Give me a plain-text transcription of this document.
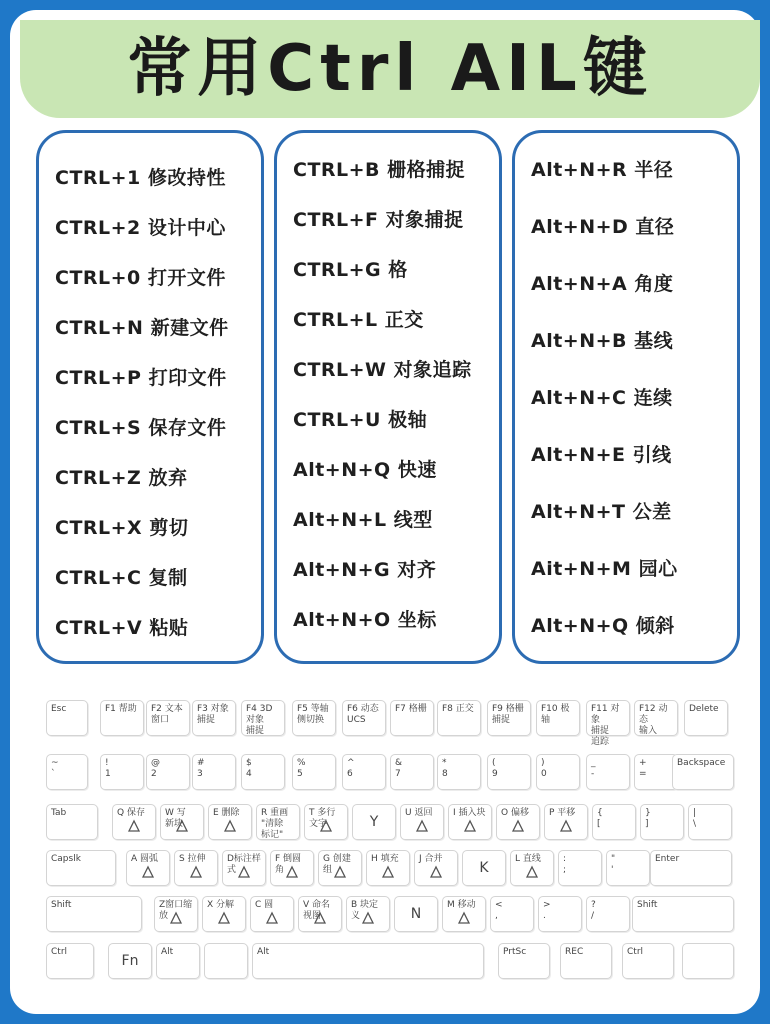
常用Ctrl AIL键
CTRL+1 修改持性
CTRL+2 设计中心
CTRL+0 打开文件
CTRL+N 新建文件
CTRL+P 打印文件
CTRL+S 保存文件
CTRL+Z 放弃
CTRL+X 剪切
CTRL+C 复制
CTRL+V 粘贴
CTRL+B 栅格捕捉
CTRL+F 对象捕捉
CTRL+G 格
CTRL+L 正交
CTRL+W 对象追踪
CTRL+U 极轴
Alt+N+Q 快速
Alt+N+L 线型
Alt+N+G 对齐
Alt+N+O 坐标
Alt+N+R 半径
Alt+N+D 直径
Alt+N+A 角度
Alt+N+B 基线
Alt+N+C 连续
Alt+N+E 引线
Alt+N+T 公差
Ait+N+M 园心
Alt+N+Q 倾斜
Esc	F1 帮助	F2 文本
窗口
F3 对象
捕捉
F4 3D
对象
捕捉
F5 等轴
侧切换
F6 动态
UCS
F7 格栅	F8 正交	F9 格栅
捕捉
F10 极轴
F11 对象
捕捉
追踪
F12 动态
输入
Delete
~
`
!
1
@
2
#
3
$
4
%
5
^
6
&
7
*
8
(
9
)
0
_
-
+
=
Backspace
Tab	Q 保存	W 写
新块
E 删除	R 重画
"清除
标记"
T 多行文字	Y
U 返回	I 插入块 O 偏移	P 平移	{
[
}
]
|
\
Capslk	A 圆弧	S 拉伸	D标注样式
F 倒圆角
G 创建组
H 填充	J 合并
K
L 直线	:
;
"
'
Enter
Shift	Z窗口缩放
X 分解	C 圆	V 命名
视图
B 块定义	N
M 移动	<
,
>
.
?
/
Shift
Ctrl
Fn
Alt	Alt	PrtSc	REC	Ctrl
